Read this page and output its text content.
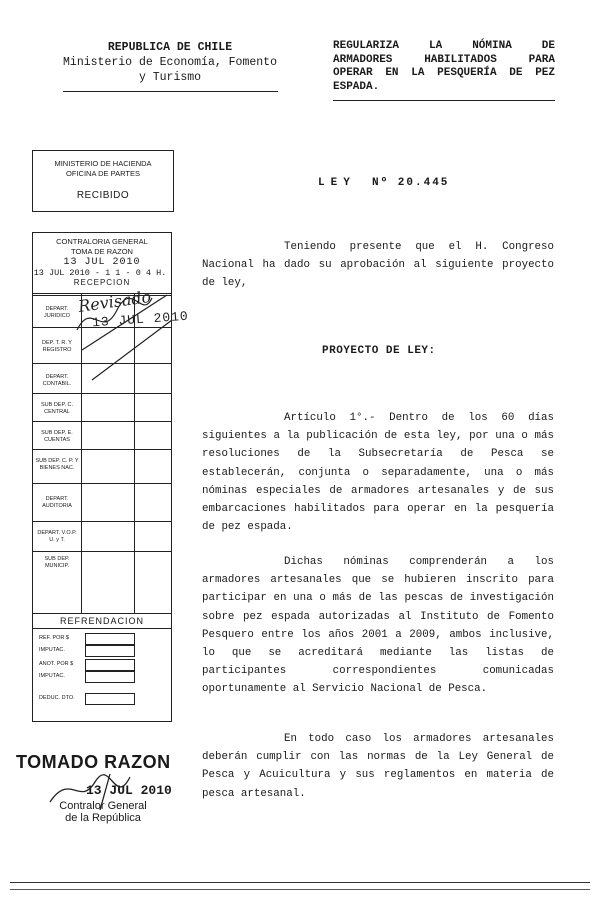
REPUBLICA DE CHILE
Ministerio de Economía, Fomento
y Turismo
REGULARIZA LA NÓMINA DE
ARMADORES HABILITADOS PARA
OPERAR EN LA PESQUERÍA DE PEZ
ESPADA.
MINISTERIO DE HACIENDA
OFICINA DE PARTES
RECIBIDO
CONTRALORIA GENERAL
TOMA DE RAZON
13 JUL 2010
13 JUL 2010 - 1 1 - 0 4 H.
RECEPCION
DEPART. JURIDICO
DEP. T. R. Y REGISTRO
DEPART. CONTABIL.
SUB DEP. C. CENTRAL
SUB DEP. E. CUENTAS
SUB DEP. C. P. Y BIENES NAC.
DEPART. AUDITORIA
DEPART. V.O.P. U. y T.
SUB DEP. MUNICIP.
REFRENDACION
REF. POR $
IMPUTAC.
ANOT. POR $
IMPUTAC.
DEDUC. DTO.
Revisado
13 JUL 2010
TOMADO RAZON
13 JUL 2010
Contralor General
de la República
LEY Nº 20.445
Teniendo presente que el H. Congreso Nacional ha dado su aprobación al siguiente proyecto de ley,
PROYECTO DE LEY:
Artículo 1°.- Dentro de los 60 días siguientes a la publicación de esta ley, por una o más resoluciones de la Subsecretaría de Pesca se establecerán, conjunta o separadamente, una o más nóminas especiales de armadores artesanales y de sus embarcaciones habilitados para operar en la pesquería de pez espada.
Dichas nóminas comprenderán a los armadores artesanales que se hubieren inscrito para participar en una o más de las pescas de investigación sobre pez espada autorizadas al Instituto de Fomento Pesquero entre los años 2001 a 2009, ambos inclusive, lo que se acreditará mediante las listas de participantes correspondientes comunicadas oportunamente al Servicio Nacional de Pesca.
En todo caso los armadores artesanales deberán cumplir con las normas de la Ley General de Pesca y Acuicultura y sus reglamentos en materia de pesca artesanal.
